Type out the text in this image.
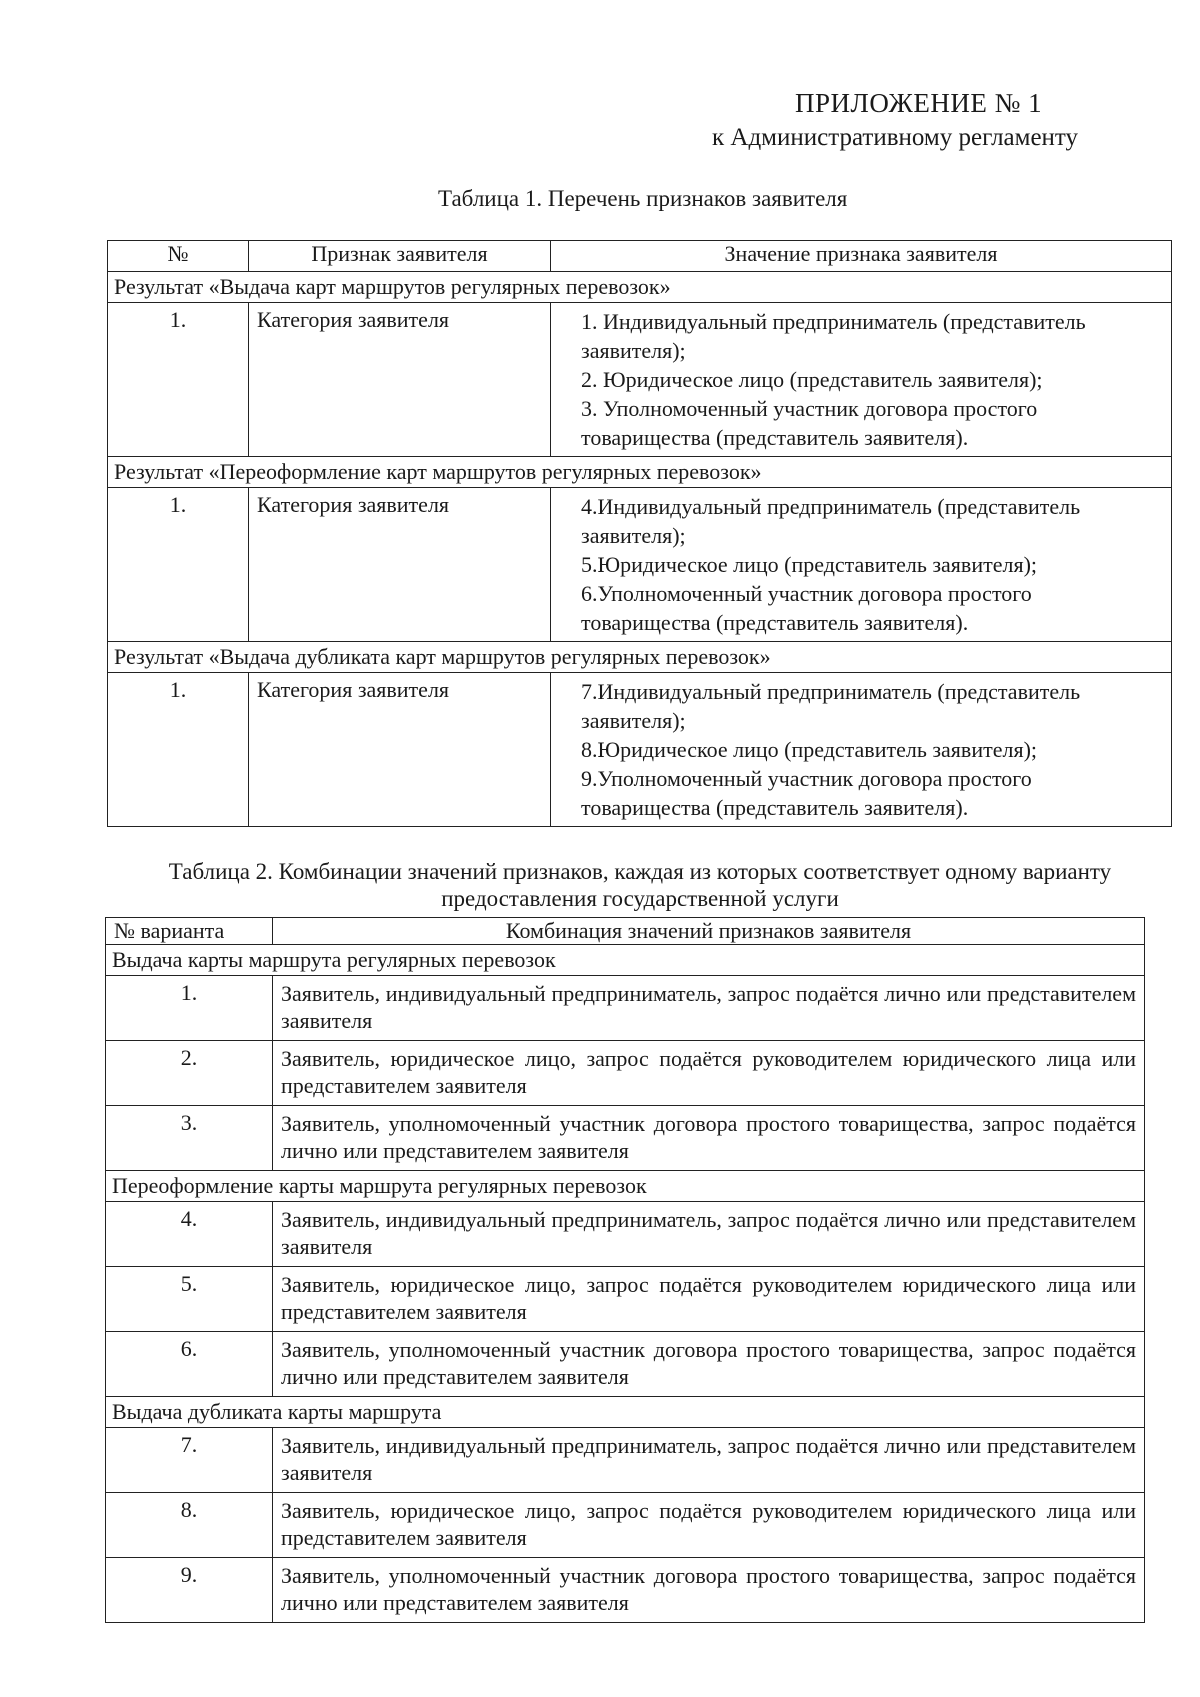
ПРИЛОЖЕНИЕ № 1
к Административному регламенту
Таблица 1. Перечень признаков заявителя
№	Признак заявителя	Значение признака заявителя
Результат «Выдача карт маршрутов регулярных перевозок»		
1.	Категория заявителя	1. Индивидуальный предприниматель (представитель заявителя);
2. Юридическое лицо (представитель заявителя);
3. Уполномоченный участник договора простого товарищества (представитель заявителя).

Результат «Переоформление карт маршрутов регулярных перевозок»		
1.	Категория заявителя	4.Индивидуальный предприниматель (представитель заявителя);
5.Юридическое лицо (представитель заявителя);
6.Уполномоченный участник договора простого товарищества (представитель заявителя).

Результат «Выдача дубликата карт маршрутов регулярных перевозок»		
1.	Категория заявителя	7.Индивидуальный предприниматель (представитель заявителя);
8.Юридическое лицо (представитель заявителя);
9.Уполномоченный участник договора простого товарищества (представитель заявителя).
Таблица 2. Комбинации значений признаков, каждая из которых соответствует одному варианту предоставления государственной услуги
№ варианта	Комбинация значений признаков заявителя
Выдача карты маршрута регулярных перевозок	
1.	Заявитель, индивидуальный предприниматель, запрос подаётся лично или представителем заявителя
2.	Заявитель, юридическое лицо, запрос подаётся руководителем юридического лица или представителем заявителя
3.	Заявитель, уполномоченный участник договора простого товарищества, запрос подаётся лично или представителем заявителя
Переоформление карты маршрута регулярных перевозок	
4.	Заявитель, индивидуальный предприниматель, запрос подаётся лично или представителем заявителя
5.	Заявитель, юридическое лицо, запрос подаётся руководителем юридического лица или представителем заявителя
6.	Заявитель, уполномоченный участник договора простого товарищества, запрос подаётся лично или представителем заявителя
Выдача дубликата карты маршрута	
7.	Заявитель, индивидуальный предприниматель, запрос подаётся лично или представителем заявителя
8.	Заявитель, юридическое лицо, запрос подаётся руководителем юридического лица или представителем заявителя
9.	Заявитель, уполномоченный участник договора простого товарищества, запрос подаётся лично или представителем заявителя
